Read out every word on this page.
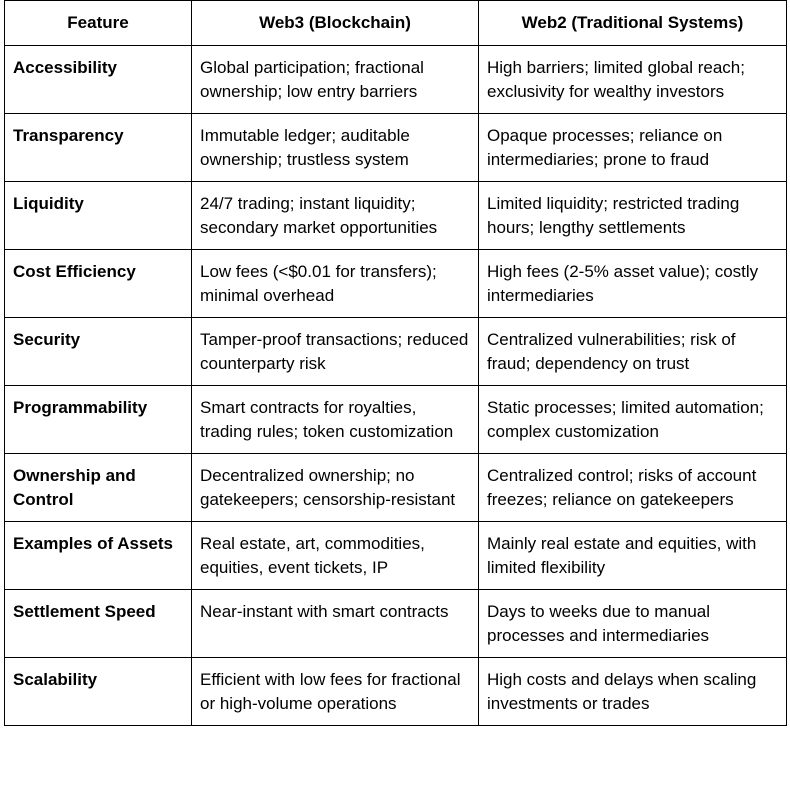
Feature	Web3 (Blockchain)	Web2 (Traditional Systems)
Accessibility	Global participation; fractional ownership; low entry barriers	High barriers; limited global reach; exclusivity for wealthy investors
Transparency	Immutable ledger; auditable ownership; trustless system	Opaque processes; reliance on intermediaries; prone to fraud
Liquidity	24/7 trading; instant liquidity; secondary market opportunities	Limited liquidity; restricted trading hours; lengthy settlements
Cost Efficiency	Low fees (<$0.01 for transfers); minimal overhead	High fees (2-5% asset value); costly intermediaries
Security	Tamper-proof transactions; reduced counterparty risk	Centralized vulnerabilities; risk of fraud; dependency on trust
Programmability	Smart contracts for royalties, trading rules; token customization	Static processes; limited automation; complex customization
Ownership and Control	Decentralized ownership; no gatekeepers; censorship-resistant	Centralized control; risks of account freezes; reliance on gatekeepers
Examples of Assets	Real estate, art, commodities, equities, event tickets, IP	Mainly real estate and equities, with limited flexibility
Settlement Speed	Near-instant with smart contracts	Days to weeks due to manual processes and intermediaries
Scalability	Efficient with low fees for fractional or high-volume operations	High costs and delays when scaling investments or trades
